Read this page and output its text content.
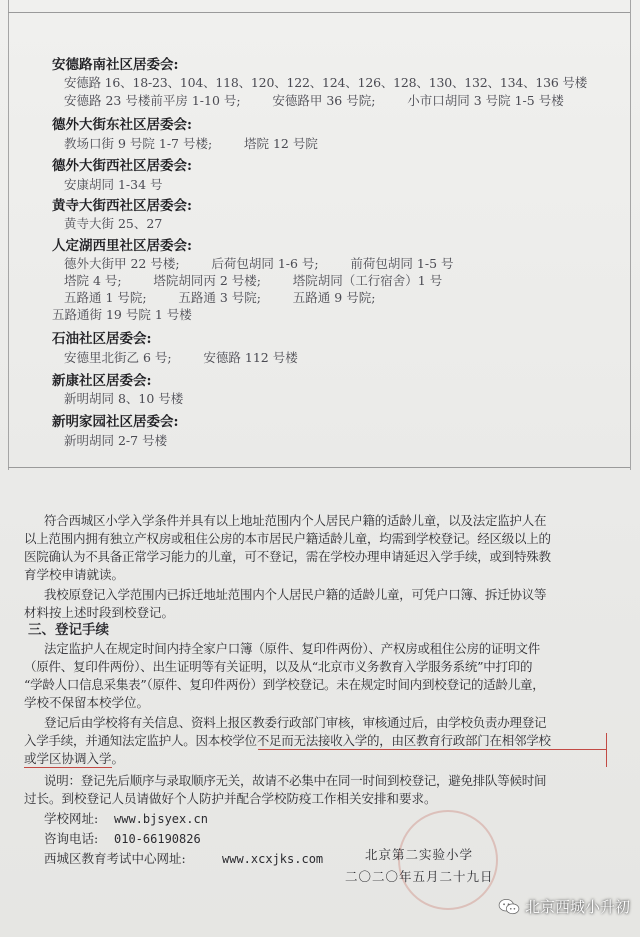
安德路南社区居委会:
安德路 16、18-23、104、118、120、122、124、126、128、130、132、134、136 号楼
安德路 23 号楼前平房 1-10 号;        安德路甲 36 号院;        小市口胡同 3 号院 1-5 号楼
德外大街东社区居委会:
教场口街 9 号院 1-7 号楼;        塔院 12 号院
德外大街西社区居委会:
安康胡同 1-34 号
黄寺大街西社区居委会:
黄寺大街 25、27
人定湖西里社区居委会:
德外大街甲 22 号楼;        后荷包胡同 1-6 号;        前荷包胡同 1-5 号
塔院 4 号;        塔院胡同丙 2 号楼;        塔院胡同（工行宿舍）1 号
五路通 1 号院;        五路通 3 号院;        五路通 9 号院;
五路通街 19 号院 1 号楼
石油社区居委会:
安德里北街乙 6 号;        安德路 112 号楼
新康社区居委会:
新明胡同 8、10 号楼
新明家园社区居委会:
新明胡同 2-7 号楼
符合西城区小学入学条件并具有以上地址范围内个人居民户籍的适龄儿童，以及法定监护人在
以上范围内拥有独立产权房或租住公房的本市居民户籍适龄儿童，均需到学校登记。经区级以上的
医院确认为不具备正常学习能力的儿童，可不登记，需在学校办理申请延迟入学手续，或到特殊教
育学校申请就读。
我校原登记入学范围内已拆迁地址范围内个人居民户籍的适龄儿童，可凭户口簿、拆迁协议等
材料按上述时段到校登记。
三、登记手续
法定监护人在规定时间内持全家户口簿（原件、复印件两份）、产权房或租住公房的证明文件
（原件、复印件两份）、出生证明等有关证明，以及从“北京市义务教育入学服务系统”中打印的
“学龄人口信息采集表”（原件、复印件两份）到学校登记。未在规定时间内到校登记的适龄儿童，
学校不保留本校学位。
登记后由学校将有关信息、资料上报区教委行政部门审核，审核通过后，由学校负责办理登记
入学手续，并通知法定监护人。因本校学位不足而无法接收入学的，由区教育行政部门在相邻学校
或学区协调入学。
说明：登记先后顺序与录取顺序无关，故请不必集中在同一时间到校登记，避免排队等候时间
过长。到校登记人员请做好个人防护并配合学校防疫工作相关安排和要求。
学校网址: www.bjsyex.cn
咨询电话: 010-66190826
西城区教育考试中心网址:	www.xcxjks.com	北京第二实验小学
二〇二〇年五月二十九日
北京西城小升初
